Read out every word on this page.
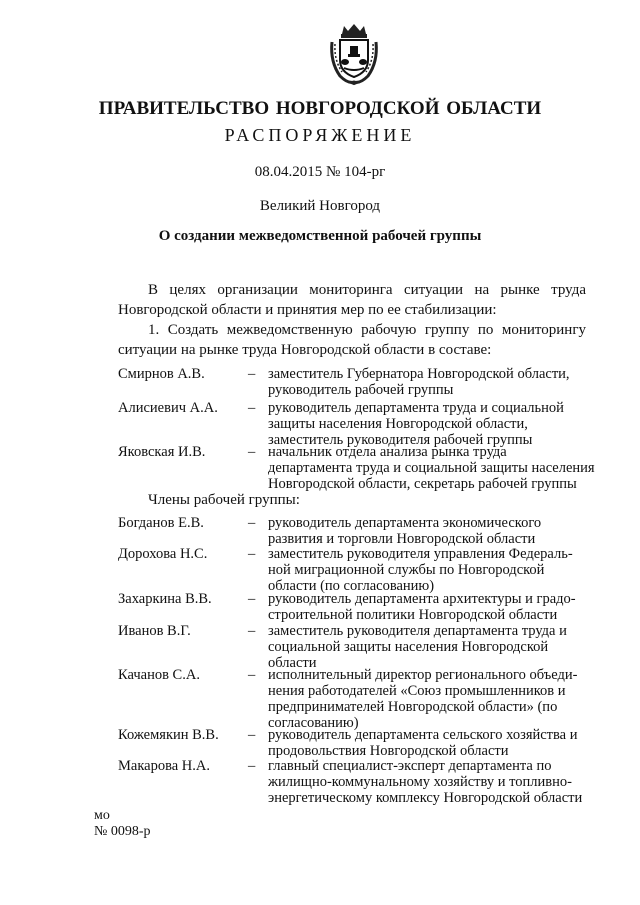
ПРАВИТЕЛЬСТВО НОВГОРОДСКОЙ ОБЛАСТИ
РАСПОРЯЖЕНИЕ
08.04.2015 № 104-рг
Великий Новгород
О создании межведомственной рабочей группы
В целях организации мониторинга ситуации на рынке труда
Новгородской области и принятия мер по ее стабилизации:
1. Создать межведомственную рабочую группу по мониторингу
ситуации на рынке труда Новгородской области в составе:
Смирнов А.В.	– заместитель Губернатора Новгородской области,
руководитель рабочей группы
Алисиевич А.А.	– руководитель департамента труда и социальной
защиты населения Новгородской области,
заместитель руководителя рабочей группы
Яковская И.В.	– начальник отдела анализа рынка труда
департамента труда и социальной защиты населения
Новгородской области, секретарь рабочей группы
Члены рабочей группы:
Богданов Е.В.	– руководитель департамента экономического
развития и торговли Новгородской области
Дорохова Н.С.	– заместитель руководителя управления Федераль-
ной миграционной службы по Новгородской
области (по согласованию)
Захаркина В.В.	– руководитель департамента архитектуры и градо-
строительной политики Новгородской области
Иванов В.Г.	– заместитель руководителя департамента труда и
социальной защиты населения Новгородской
области
Качанов С.А.	– исполнительный директор регионального объеди-
нения работодателей «Союз промышленников и
предпринимателей Новгородской области» (по
согласованию)
Кожемякин В.В.	– руководитель департамента сельского хозяйства и
продовольствия Новгородской области
Макарова Н.А.	– главный специалист-эксперт департамента по
жилищно-коммунальному хозяйству и топливно-
энергетическому комплексу Новгородской области
мо
№ 0098-р
